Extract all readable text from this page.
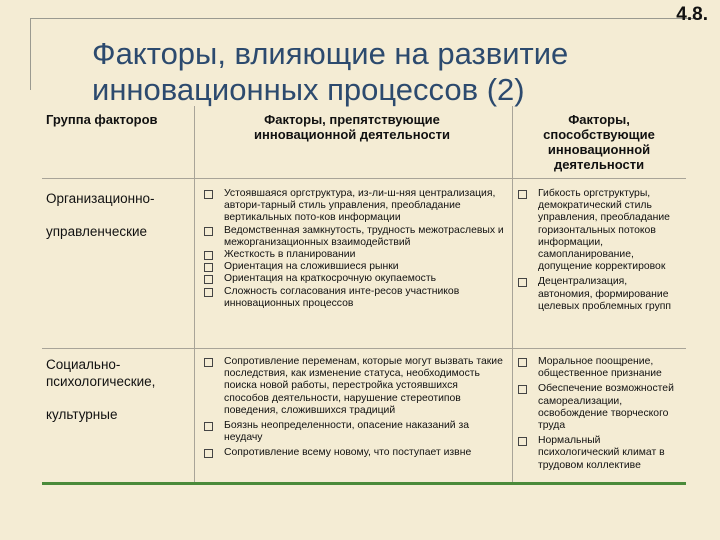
4.8.
Факторы, влияющие на развитие
инновационных процессов (2)
Группа факторов	Факторы, препятствующие инновационной деятельности
Факторы, способствующие инновационной деятельности
Организационно-
управленческие
Устоявшаяся оргструктура, из-ли-ш-няя централизация, автори-тарный стиль управления, преобладание вертикальных пото-ков информации
Ведомственная замкнутость, трудность межотраслевых и межорганизационных взаимодействий
Жесткость в планировании
Ориентация на сложившиеся рынки
Ориентация на краткосрочную окупаемость
Сложность согласования инте-ресов участников инновационных процессов
Гибкость оргструктуры, демократический стиль управления, преобладание горизонтальных потоков информации, самопланирование, допущение корректировок
Децентрализация, автономия, формирование целевых проблемных групп
Социально-психологические,
культурные
Сопротивление переменам, которые могут вызвать такие последствия, как изменение статуса, необходимость поиска новой работы, перестройка устоявшихся способов деятельности, нарушение стереотипов поведения, сложившихся традиций
Боязнь неопределенности, опасение наказаний за неудачу
Сопротивление всему новому, что поступает извне
Моральное поощрение, общественное признание
Обеспечение возможностей самореализации, освобождение творческого труда
Нормальный психологический климат в трудовом коллективе
